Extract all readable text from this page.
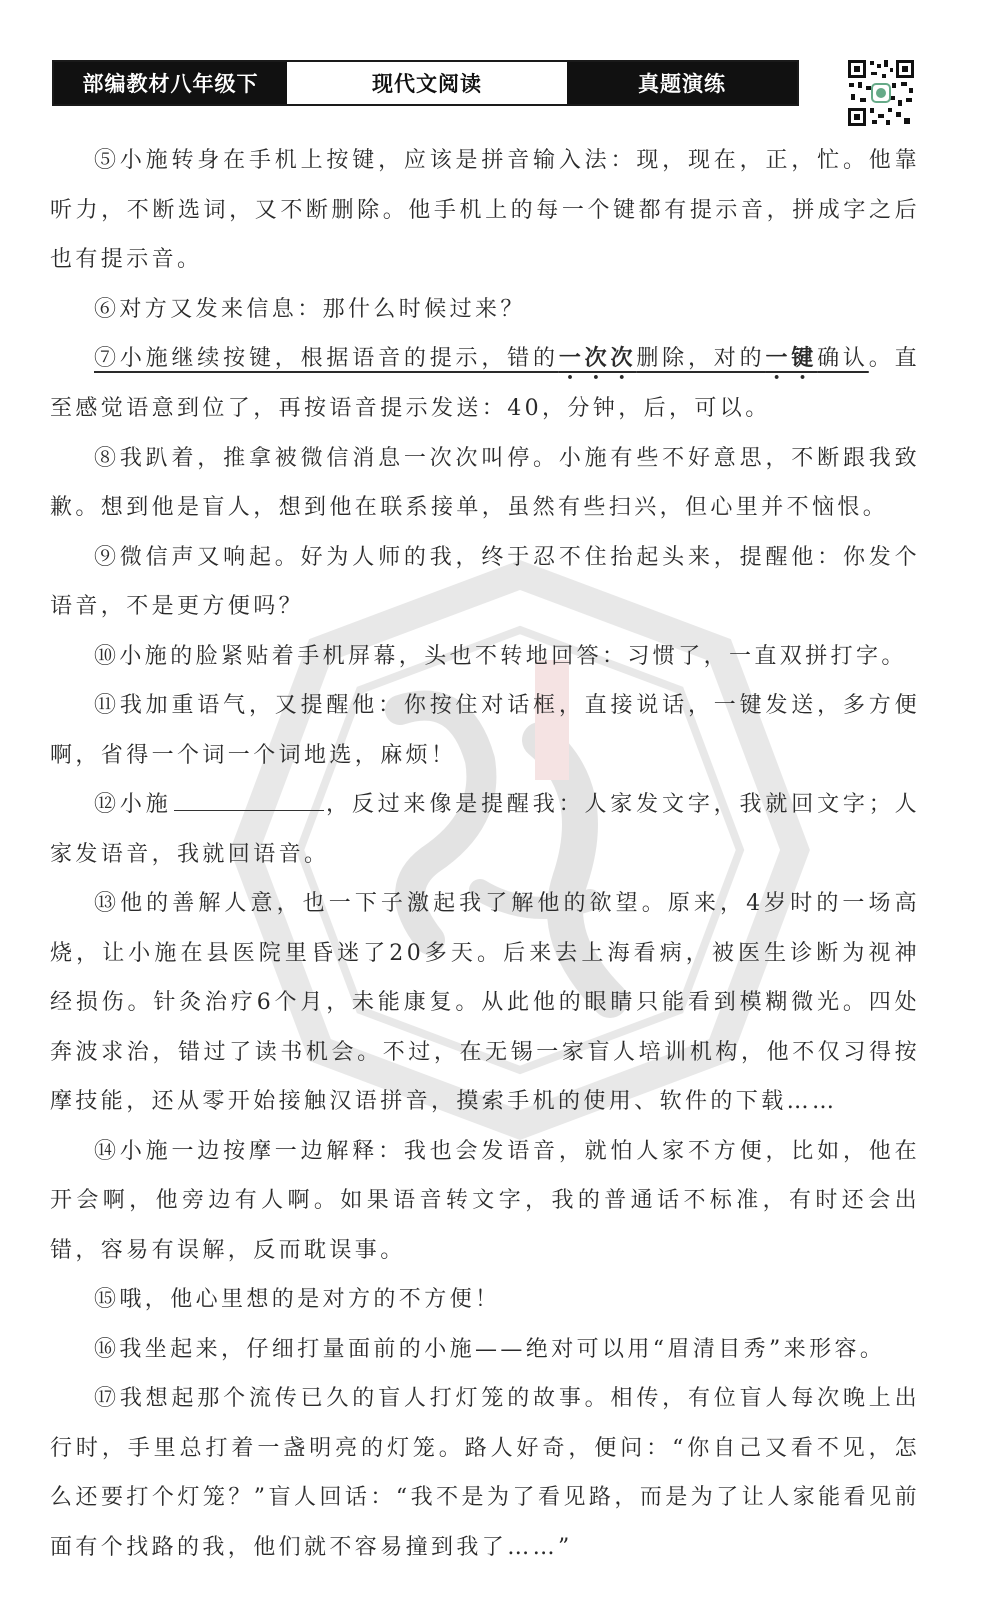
部编教材八年级下	现代文阅读	真题演练

⑤小施转身在手机上按键，应该是拼音输入法：现，现在，正，忙。他靠听力，不断选词，又不断删除。他手机上的每一个键都有提示音，拼成字之后也有提示音。

⑥对方又发来信息：那什么时候过来？

⑦小施继续按键，根据语音的提示，错的一次次删除，对的一键确认。直至感觉语意到位了，再按语音提示发送：40，分钟，后，可以。

⑧我趴着，推拿被微信消息一次次叫停。小施有些不好意思，不断跟我致歉。想到他是盲人，想到他在联系接单，虽然有些扫兴，但心里并不恼恨。

⑨微信声又响起。好为人师的我，终于忍不住抬起头来，提醒他：你发个语音，不是更方便吗？

⑩小施的脸紧贴着手机屏幕，头也不转地回答：习惯了，一直双拼打字。

⑪我加重语气，又提醒他：你按住对话框，直接说话，一键发送，多方便啊，省得一个词一个词地选，麻烦！

⑫小施	，反过来像是提醒我：人家发文字，我就回文字；人家发语音，我就回语音。

⑬他的善解人意，也一下子激起我了解他的欲望。原来，4岁时的一场高烧，让小施在县医院里昏迷了20多天。后来去上海看病，被医生诊断为视神经损伤。针灸治疗6个月，未能康复。从此他的眼睛只能看到模糊微光。四处奔波求治，错过了读书机会。不过，在无锡一家盲人培训机构，他不仅习得按摩技能，还从零开始接触汉语拼音，摸索手机的使用、软件的下载……

⑭小施一边按摩一边解释：我也会发语音，就怕人家不方便，比如，他在开会啊，他旁边有人啊。如果语音转文字，我的普通话不标准，有时还会出错，容易有误解，反而耽误事。

⑮哦，他心里想的是对方的不方便！

⑯我坐起来，仔细打量面前的小施——绝对可以用“眉清目秀”来形容。

⑰我想起那个流传已久的盲人打灯笼的故事。相传，有位盲人每次晚上出行时，手里总打着一盏明亮的灯笼。路人好奇，便问：“你自己又看不见，怎么还要打个灯笼？”盲人回话：“我不是为了看见路，而是为了让人家能看见前面有个找路的我，他们就不容易撞到我了……”
